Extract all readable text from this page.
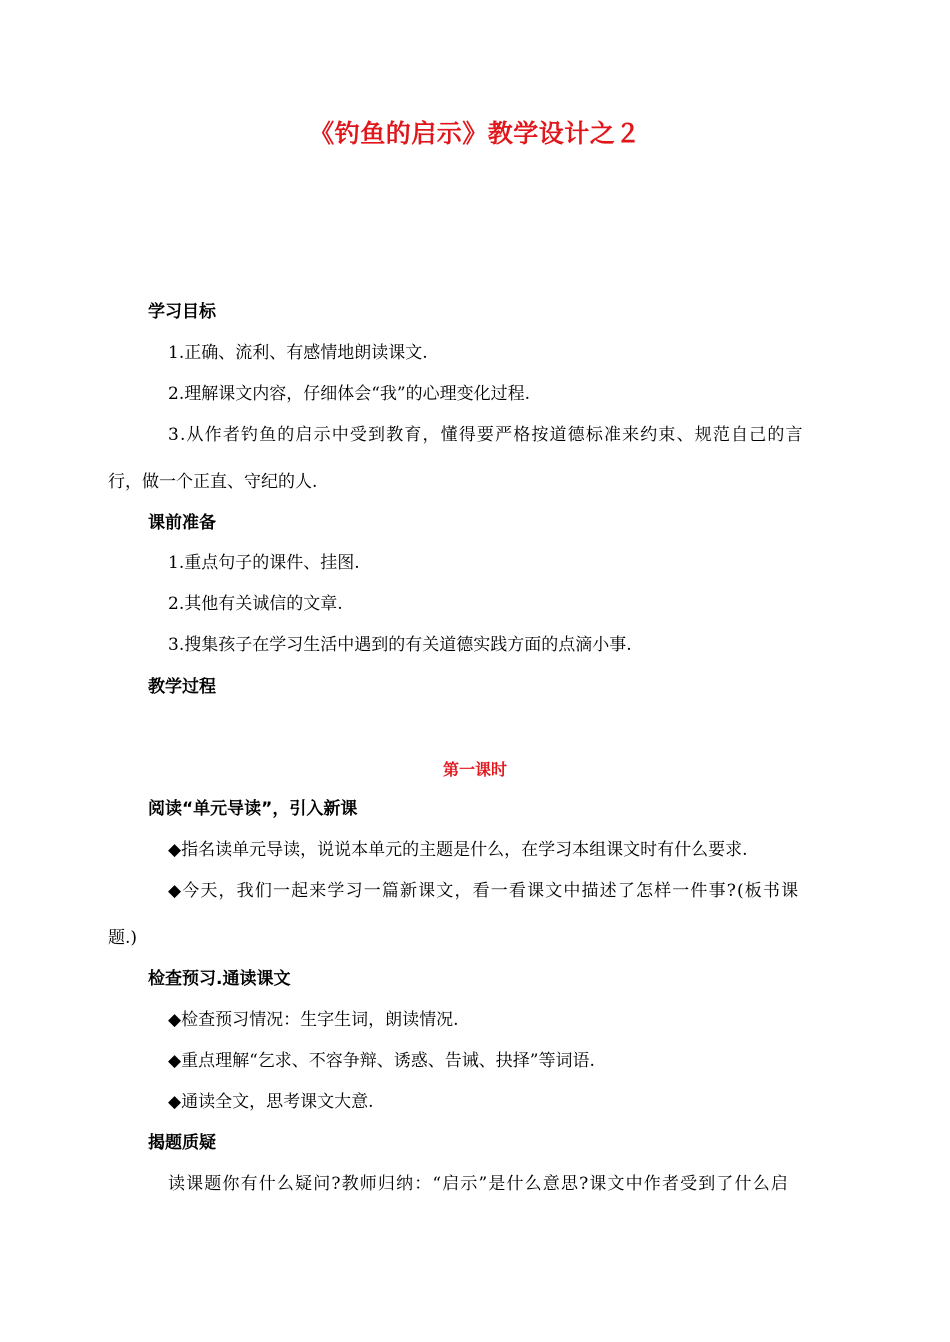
《钓鱼的启示》教学设计之２
学习目标
1.正确、流利、有感情地朗读课文.
2.理解课文内容，仔细体会“我”的心理变化过程.
3.从作者钓鱼的启示中受到教育，懂得要严格按道德标准来约束、规范自己的言
行，做一个正直、守纪的人.
课前准备
1.重点句子的课件、挂图.
2.其他有关诚信的文章.
3.搜集孩子在学习生活中遇到的有关道德实践方面的点滴小事.
教学过程
第一课时
阅读“单元导读”，引入新课
◆指名读单元导读，说说本单元的主题是什么，在学习本组课文时有什么要求.
◆今天，我们一起来学习一篇新课文，看一看课文中描述了怎样一件事?(板书课
题.)
检查预习.通读课文
◆检查预习情况：生字生词，朗读情况.
◆重点理解“乞求、不容争辩、诱惑、告诫、抉择”等词语.
◆通读全文，思考课文大意.
揭题质疑
读课题你有什么疑问?教师归纳：“启示”是什么意思?课文中作者受到了什么启
